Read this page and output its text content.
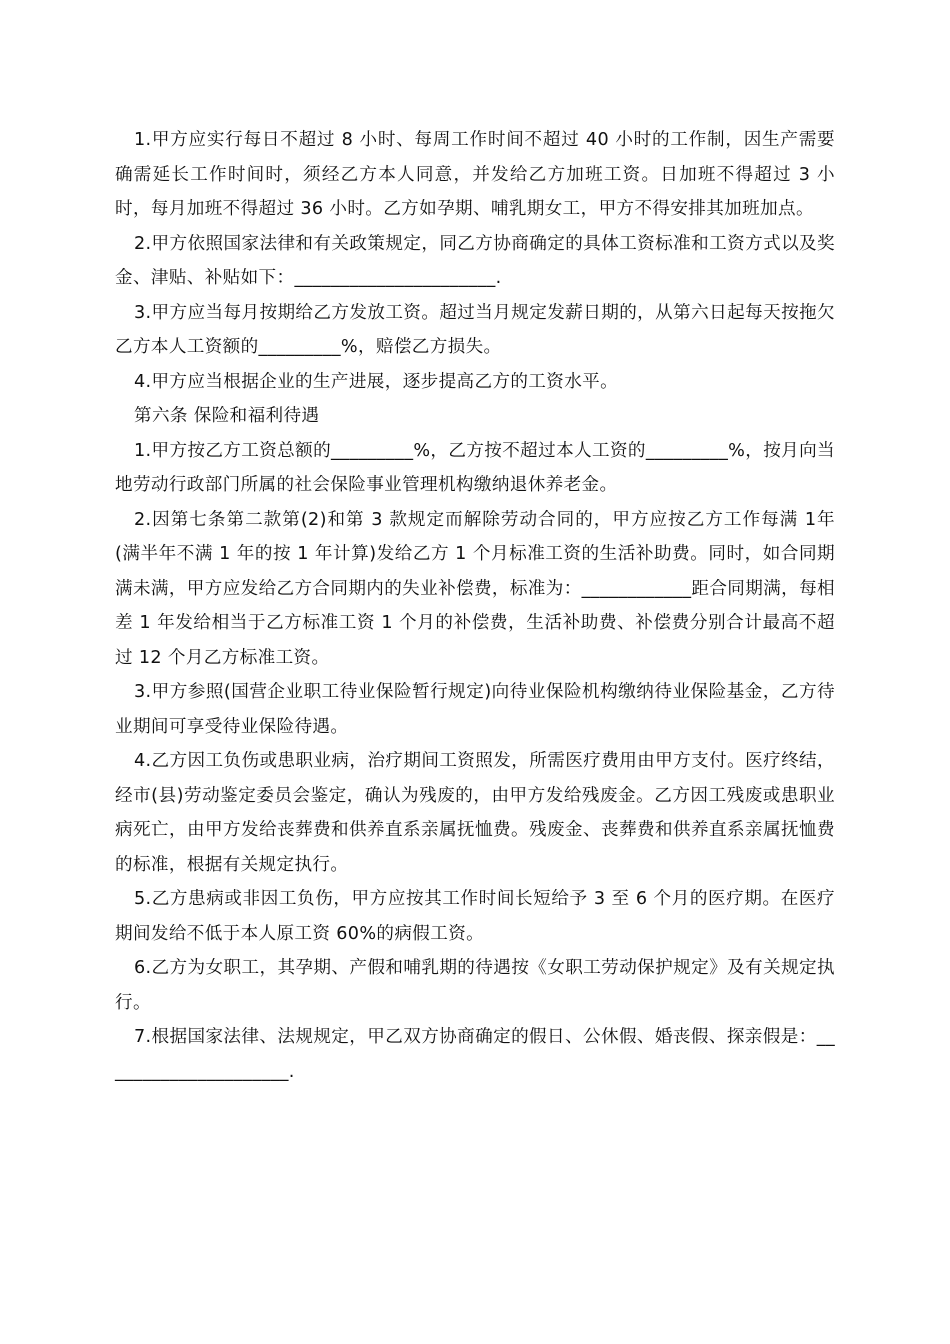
1.甲方应实行每日不超过 8 小时、每周工作时间不超过 40 小时的工作制，因生产需要确需延长工作时间时，须经乙方本人同意，并发给乙方加班工资。日加班不得超过 3 小时，每月加班不得超过 36 小时。乙方如孕期、哺乳期女工，甲方不得安排其加班加点。

2.甲方依照国家法律和有关政策规定，同乙方协商确定的具体工资标准和工资方式以及奖金、津贴、补贴如下：______________________.

3.甲方应当每月按期给乙方发放工资。超过当月规定发薪日期的，从第六日起每天按拖欠乙方本人工资额的_________%，赔偿乙方损失。

4.甲方应当根据企业的生产进展，逐步提高乙方的工资水平。

第六条 保险和福利待遇

1.甲方按乙方工资总额的_________%，乙方按不超过本人工资的_________%，按月向当地劳动行政部门所属的社会保险事业管理机构缴纳退休养老金。

2.因第七条第二款第(2)和第 3 款规定而解除劳动合同的，甲方应按乙方工作每满 1年(满半年不满 1 年的按 1 年计算)发给乙方 1 个月标准工资的生活补助费。同时，如合同期满未满，甲方应发给乙方合同期内的失业补偿费，标准为：____________距合同期满，每相差 1 年发给相当于乙方标准工资 1 个月的补偿费，生活补助费、补偿费分别合计最高不超过 12 个月乙方标准工资。

3.甲方参照(国营企业职工待业保险暂行规定)向待业保险机构缴纳待业保险基金，乙方待业期间可享受待业保险待遇。

4.乙方因工负伤或患职业病，治疗期间工资照发，所需医疗费用由甲方支付。医疗终结，经市(县)劳动鉴定委员会鉴定，确认为残废的，由甲方发给残废金。乙方因工残废或患职业病死亡，由甲方发给丧葬费和供养直系亲属抚恤费。残废金、丧葬费和供养直系亲属抚恤费的标准，根据有关规定执行。

5.乙方患病或非因工负伤，甲方应按其工作时间长短给予 3 至 6 个月的医疗期。在医疗期间发给不低于本人原工资 60%的病假工资。

6.乙方为女职工，其孕期、产假和哺乳期的待遇按《女职工劳动保护规定》及有关规定执行。

7.根据国家法律、法规规定，甲乙双方协商确定的假日、公休假、婚丧假、探亲假是：_____________________.
